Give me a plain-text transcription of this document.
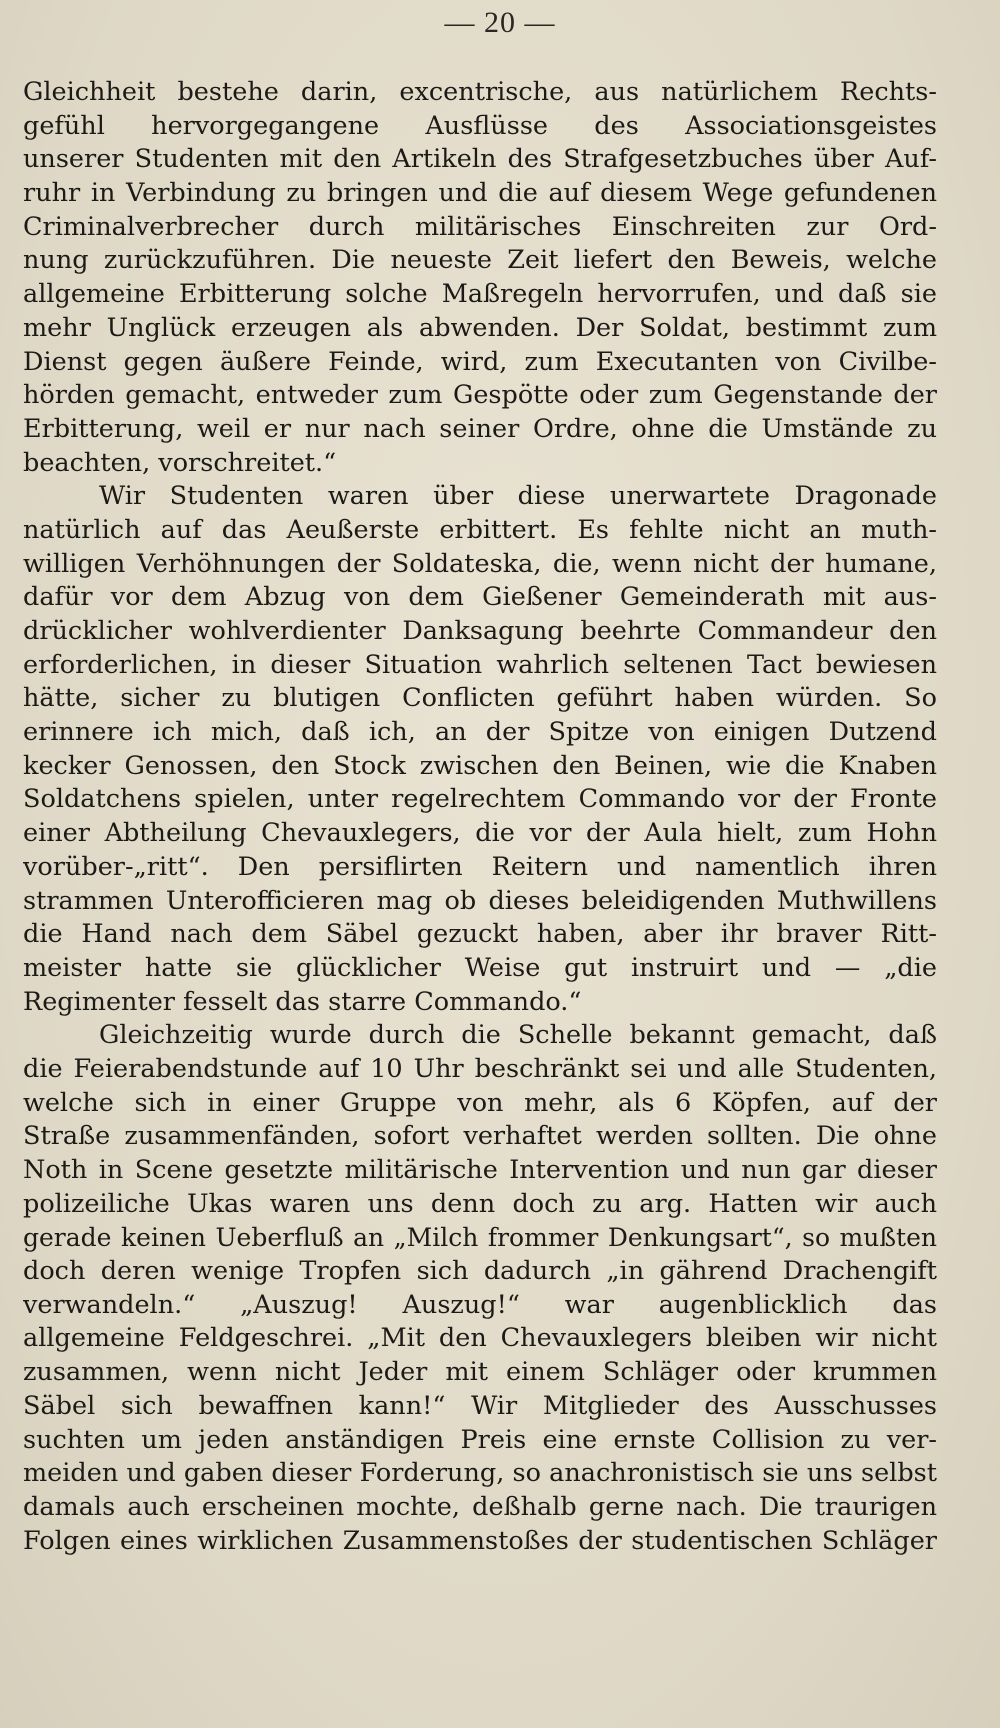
— 20 —
Gleichheit bestehe darin, excentrische, aus natürlichem Rechts-
gefühl hervorgegangene Ausflüsse des Associationsgeistes
unserer Studenten mit den Artikeln des Strafgesetzbuches über Auf-
ruhr in Verbindung zu bringen und die auf diesem Wege gefundenen
Criminalverbrecher durch militärisches Einschreiten zur Ord-
nung zurückzuführen. Die neueste Zeit liefert den Beweis, welche
allgemeine Erbitterung solche Maßregeln hervorrufen, und daß sie
mehr Unglück erzeugen als abwenden. Der Soldat, bestimmt zum
Dienst gegen äußere Feinde, wird, zum Executanten von Civilbe-
hörden gemacht, entweder zum Gespötte oder zum Gegenstande der
Erbitterung, weil er nur nach seiner Ordre, ohne die Umstände zu
beachten, vorschreitet.“
Wir Studenten waren über diese unerwartete Dragonade
natürlich auf das Aeußerste erbittert. Es fehlte nicht an muth-
willigen Verhöhnungen der Soldateska, die, wenn nicht der humane,
dafür vor dem Abzug von dem Gießener Gemeinderath mit aus-
drücklicher wohlverdienter Danksagung beehrte Commandeur den
erforderlichen, in dieser Situation wahrlich seltenen Tact bewiesen
hätte, sicher zu blutigen Conflicten geführt haben würden. So
erinnere ich mich, daß ich, an der Spitze von einigen Dutzend
kecker Genossen, den Stock zwischen den Beinen, wie die Knaben
Soldatchens spielen, unter regelrechtem Commando vor der Fronte
einer Abtheilung Chevauxlegers, die vor der Aula hielt, zum Hohn
vorüber-„ritt“. Den persiflirten Reitern und namentlich ihren
strammen Unterofficieren mag ob dieses beleidigenden Muthwillens
die Hand nach dem Säbel gezuckt haben, aber ihr braver Ritt-
meister hatte sie glücklicher Weise gut instruirt und — „die
Regimenter fesselt das starre Commando.“
Gleichzeitig wurde durch die Schelle bekannt gemacht, daß
die Feierabendstunde auf 10 Uhr beschränkt sei und alle Studenten,
welche sich in einer Gruppe von mehr, als 6 Köpfen, auf der
Straße zusammenfänden, sofort verhaftet werden sollten. Die ohne
Noth in Scene gesetzte militärische Intervention und nun gar dieser
polizeiliche Ukas waren uns denn doch zu arg. Hatten wir auch
gerade keinen Ueberfluß an „Milch frommer Denkungsart“, so mußten
doch deren wenige Tropfen sich dadurch „in gährend Drachengift
verwandeln.“ „Auszug! Auszug!“ war augenblicklich das
allgemeine Feldgeschrei. „Mit den Chevauxlegers bleiben wir nicht
zusammen, wenn nicht Jeder mit einem Schläger oder krummen
Säbel sich bewaffnen kann!“ Wir Mitglieder des Ausschusses
suchten um jeden anständigen Preis eine ernste Collision zu ver-
meiden und gaben dieser Forderung, so anachronistisch sie uns selbst
damals auch erscheinen mochte, deßhalb gerne nach. Die traurigen
Folgen eines wirklichen Zusammenstoßes der studentischen Schläger
